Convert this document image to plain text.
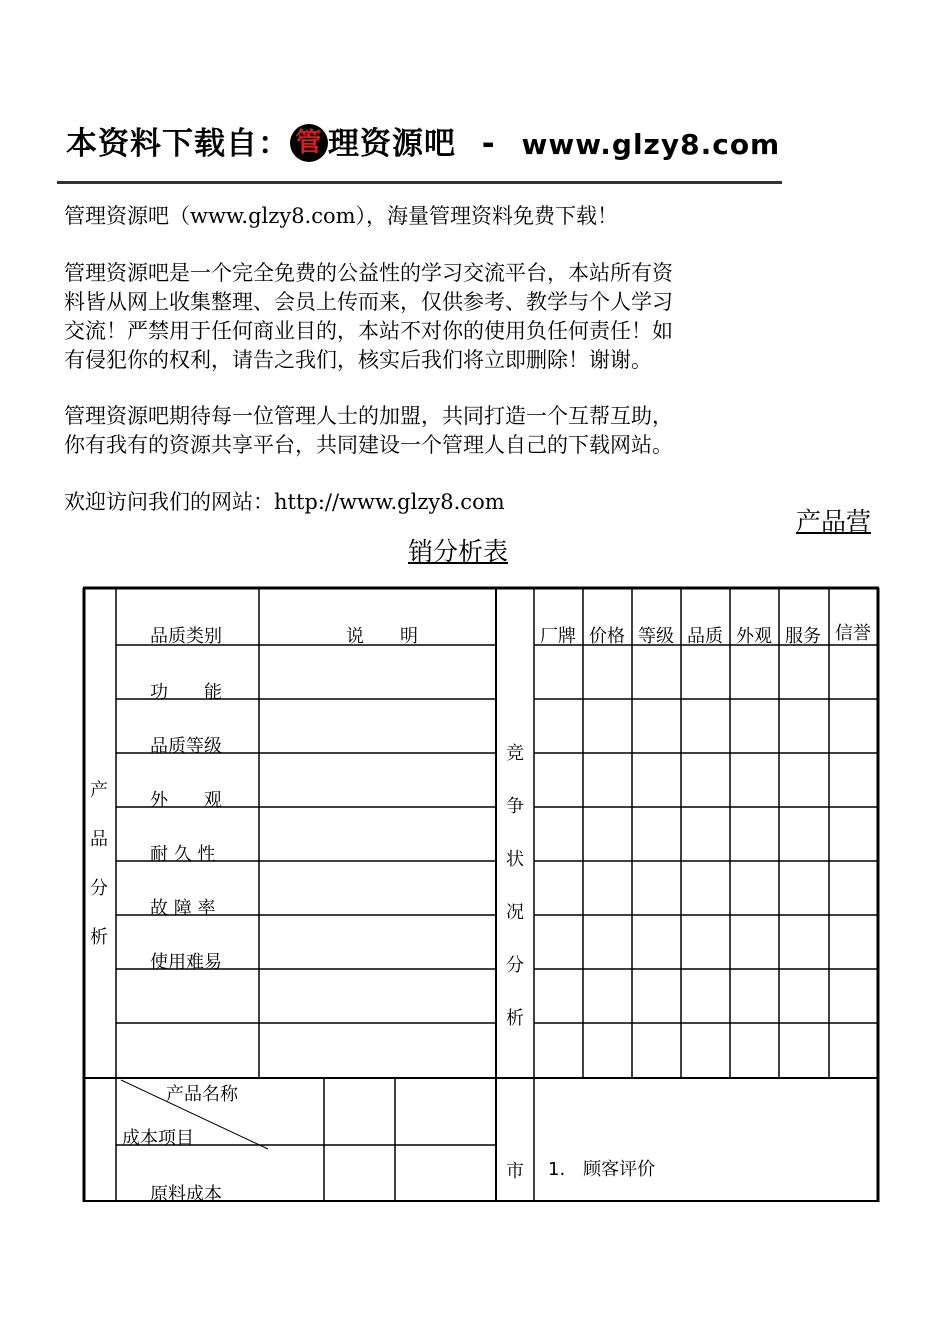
本资料下载自： 管 理资源吧 - www.glzy8.com
管理资源吧（www.glzy8.com），海量管理资料免费下载！
管理资源吧是一个完全免费的公益性的学习交流平台，本站所有资
料皆从网上收集整理、会员上传而来，仅供参考、教学与个人学习
交流！严禁用于任何商业目的，本站不对你的使用负任何责任！如
有侵犯你的权利，请告之我们，核实后我们将立即删除！谢谢。
管理资源吧期待每一位管理人士的加盟，共同打造一个互帮互助，
你有我有的资源共享平台，共同建设一个管理人自己的下载网站。
欢迎访问我们的网站：http://www.glzy8.com
产品营
销分析表
产
品
分
析
品质类别	说　　明
功　　能
品质等级
外　　观
耐 久 性
故 障 率
使用难易
竞
争
状
况
分
析
厂牌 价格 等级 品质 外观 服务 信誉
产品名称
成本项目
原料成本
市 1.　顾客评价
